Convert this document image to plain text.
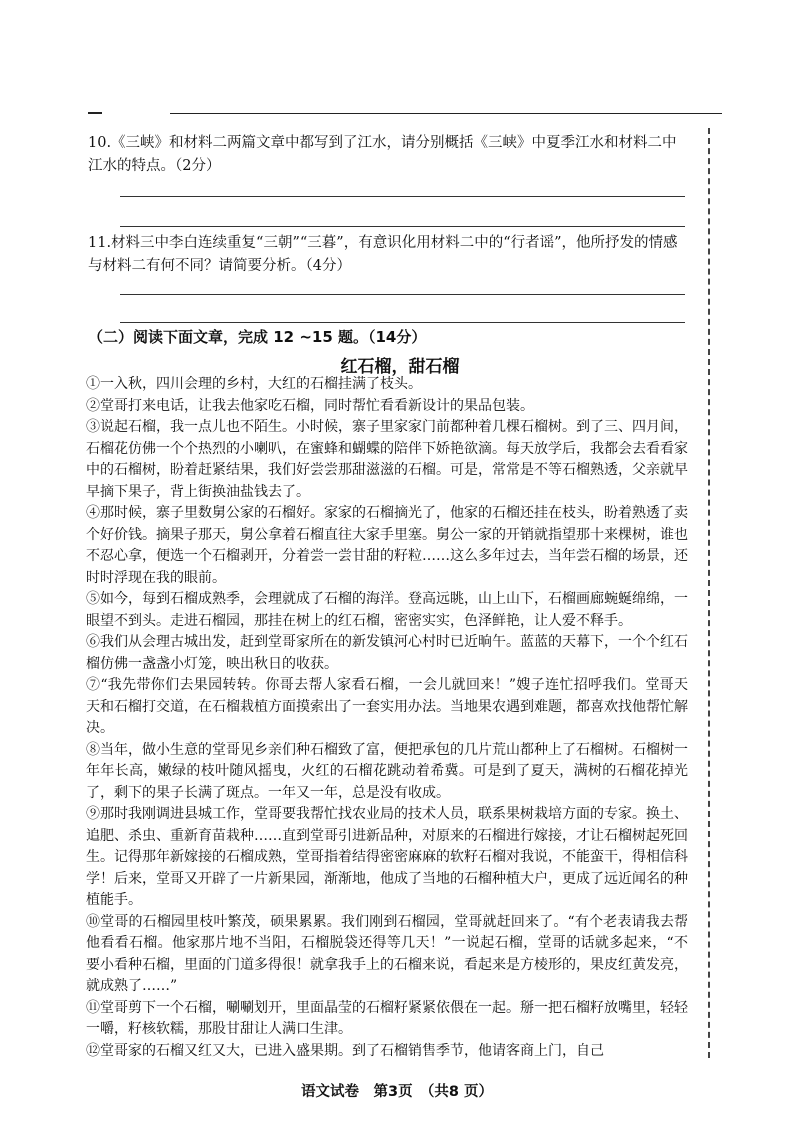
10.《三峡》和材料二两篇文章中都写到了江水，请分别概括《三峡》中夏季江水和材料二中江水的特点。（2分）
11.材料三中李白连续重复“三朝”“三暮”，有意识化用材料二中的“行者谣”，他所抒发的情感与材料二有何不同？请简要分析。（4分）
（二）阅读下面文章，完成 12 ~15 题。（14分）
红石榴，甜石榴

①一入秋，四川会理的乡村，大红的石榴挂满了枝头。

②堂哥打来电话，让我去他家吃石榴，同时帮忙看看新设计的果品包装。

③说起石榴，我一点儿也不陌生。小时候，寨子里家家门前都种着几棵石榴树。到了三、四月间，石榴花仿佛一个个热烈的小喇叭，在蜜蜂和蝴蝶的陪伴下娇艳欲滴。每天放学后，我都会去看看家中的石榴树，盼着赶紧结果，我们好尝尝那甜滋滋的石榴。可是，常常是不等石榴熟透，父亲就早早摘下果子，背上街换油盐钱去了。

④那时候，寨子里数舅公家的石榴好。家家的石榴摘光了，他家的石榴还挂在枝头，盼着熟透了卖个好价钱。摘果子那天，舅公拿着石榴直往大家手里塞。舅公一家的开销就指望那十来棵树，谁也不忍心拿，便选一个石榴剥开，分着尝一尝甘甜的籽粒……这么多年过去，当年尝石榴的场景，还时时浮现在我的眼前。

⑤如今，每到石榴成熟季，会理就成了石榴的海洋。登高远眺，山上山下，石榴画廊蜿蜒绵绵，一眼望不到头。走进石榴园，那挂在树上的红石榴，密密实实，色泽鲜艳，让人爱不释手。

⑥我们从会理古城出发，赶到堂哥家所在的新发镇河心村时已近晌午。蓝蓝的天幕下，一个个红石榴仿佛一盏盏小灯笼，映出秋日的收获。

⑦“我先带你们去果园转转。你哥去帮人家看石榴，一会儿就回来！”嫂子连忙招呼我们。堂哥天天和石榴打交道，在石榴栽植方面摸索出了一套实用办法。当地果农遇到难题，都喜欢找他帮忙解决。

⑧当年，做小生意的堂哥见乡亲们种石榴致了富，便把承包的几片荒山都种上了石榴树。石榴树一年年长高，嫩绿的枝叶随风摇曳，火红的石榴花跳动着希冀。可是到了夏天，满树的石榴花掉光了，剩下的果子长满了斑点。一年又一年，总是没有收成。

⑨那时我刚调进县城工作，堂哥要我帮忙找农业局的技术人员，联系果树栽培方面的专家。换土、追肥、杀虫、重新育苗栽种……直到堂哥引进新品种，对原来的石榴进行嫁接，才让石榴树起死回生。记得那年新嫁接的石榴成熟，堂哥指着结得密密麻麻的软籽石榴对我说，不能蛮干，得相信科学！后来，堂哥又开辟了一片新果园，渐渐地，他成了当地的石榴种植大户，更成了远近闻名的种植能手。

⑩堂哥的石榴园里枝叶繁茂，硕果累累。我们刚到石榴园，堂哥就赶回来了。“有个老表请我去帮他看看石榴。他家那片地不当阳，石榴脱袋还得等几天！”一说起石榴，堂哥的话就多起来，“不要小看种石榴，里面的门道多得很！就拿我手上的石榴来说，看起来是方棱形的，果皮红黄发亮，就成熟了……”

⑪堂哥剪下一个石榴，唰唰划开，里面晶莹的石榴籽紧紧依偎在一起。掰一把石榴籽放嘴里，轻轻一嚼，籽核软糯，那股甘甜让人满口生津。

⑫堂哥家的石榴又红又大，已进入盛果期。到了石榴销售季节，他请客商上门，自己

语文试卷　第3页　（共8 页）
